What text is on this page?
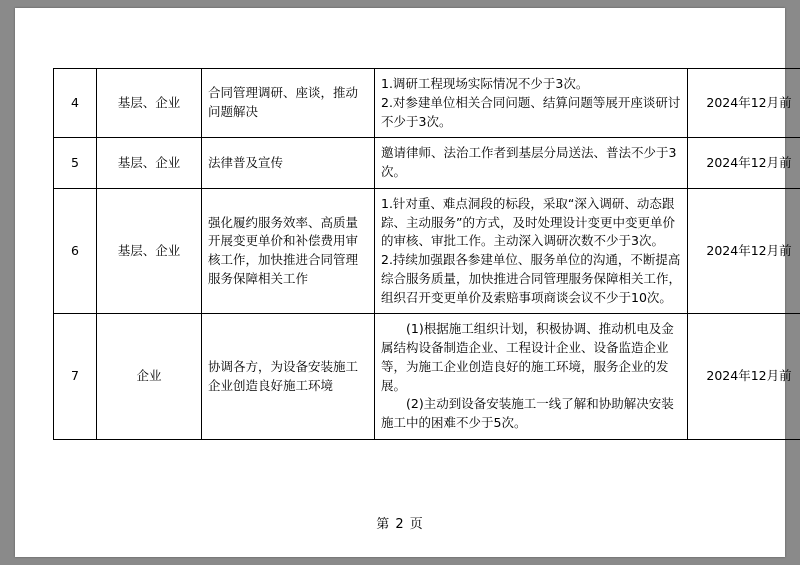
4	基层、企业	合同管理调研、座谈，推动问题解决	1.调研工程现场实际情况不少于3次。
2.对参建单位相关合同问题、结算问题等展开座谈研讨不少于3次。	2024年12月前
5	基层、企业	法律普及宣传	邀请律师、法治工作者到基层分局送法、普法不少于3次。	2024年12月前
6	基层、企业	强化履约服务效率、高质量开展变更单价和补偿费用审核工作，加快推进合同管理服务保障相关工作	1.针对重、难点洞段的标段，采取“深入调研、动态跟踪、主动服务”的方式，及时处理设计变更中变更单价的审核、审批工作。主动深入调研次数不少于3次。
2.持续加强跟各参建单位、服务单位的沟通，不断提高综合服务质量，加快推进合同管理服务保障相关工作，组织召开变更单价及索赔事项商谈会议不少于10次。	2024年12月前
7	企业	协调各方，为设备安装施工企业创造良好施工环境	(1)根据施工组织计划，积极协调、推动机电及金属结构设备制造企业、工程设计企业、设备监造企业等，为施工企业创造良好的施工环境，服务企业的发展。
(2)主动到设备安装施工一线了解和协助解决安装施工中的困难不少于5次。	2024年12月前
第 2 页
